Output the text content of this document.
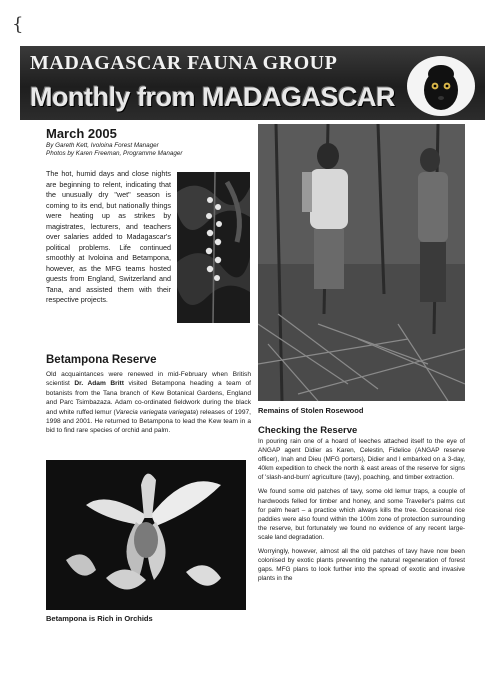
{
MADAGASCAR FAUNA GROUP
Monthly from MADAGASCAR
March 2005
By Gareth Kett, Ivoloina Forest Manager
Photos by Karen Freeman, Programme Manager

The hot, humid days and close nights are beginning to relent, indicating that the unusually dry "wet" season is coming to its end, but nationally things were heating up as strikes by magistrates, lecturers, and teachers over salaries added to Madagascar's political problems. Life continued smoothly at Ivoloina and Betampona, however, as the MFG teams hosted guests from England, Switzerland and Tana, and assisted them with their respective projects.

Remains of Stolen Rosewood
Betampona Reserve

Old acquaintances were renewed in mid-February when British scientist Dr. Adam Britt visited Betampona heading a team of botanists from the Tana branch of Kew Botanical Gardens, England and Parc Tsimbazaza. Adam co-ordinated fieldwork during the black and white ruffed lemur (Varecia variegata variegata) releases of 1997, 1998 and 2001. He returned to Betampona to lead the Kew team in a bid to find rare species of orchid and palm.

Betampona is Rich in Orchids
Checking the Reserve

In pouring rain one of a hoard of leeches attached itself to the eye of ANGAP agent Didier as Karen, Celestin, Fidelice (ANGAP reserve officer), Inah and Dieu (MFG porters), Didier and I embarked on a 3-day, 40km expedition to check the north & east areas of the reserve for signs of 'slash-and-burn' agriculture (tavy), poaching, and timber extraction.

We found some old patches of tavy, some old lemur traps, a couple of hardwoods felled for timber and honey, and some Traveller's palms cut for palm heart – a practice which always kills the tree. Occasional rice paddies were also found within the 100m zone of protection surrounding the reserve, but fortunately we found no evidence of any recent large-scale land degradation.

Worryingly, however, almost all the old patches of tavy have now been colonised by exotic plants preventing the natural regeneration of forest gaps. MFG plans to look further into the spread of exotic and invasive plants in the
